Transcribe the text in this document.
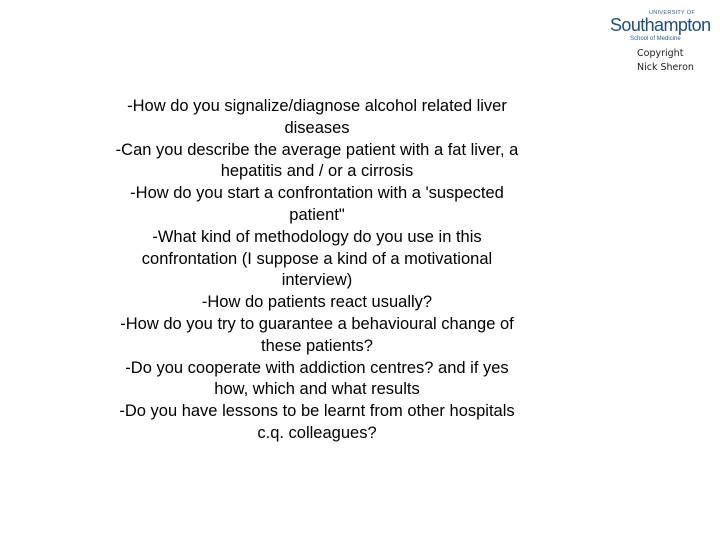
UNIVERSITY OF
Southampton
School of Medicine
Copyright
Nick Sheron
-How do you signalize/diagnose alcohol related liver diseases
-Can you describe the average patient with a fat liver, a hepatitis and / or a cirrosis
-How do you start a confrontation with a 'suspected patient"
-What kind of methodology do you use in this confrontation (I suppose a kind of a motivational interview)
-How do patients react usually?
-How do you try to guarantee a behavioural change of these patients?
-Do you cooperate with addiction centres? and if yes how, which and what results
-Do you have lessons to be learnt from other hospitals c.q. colleagues?
